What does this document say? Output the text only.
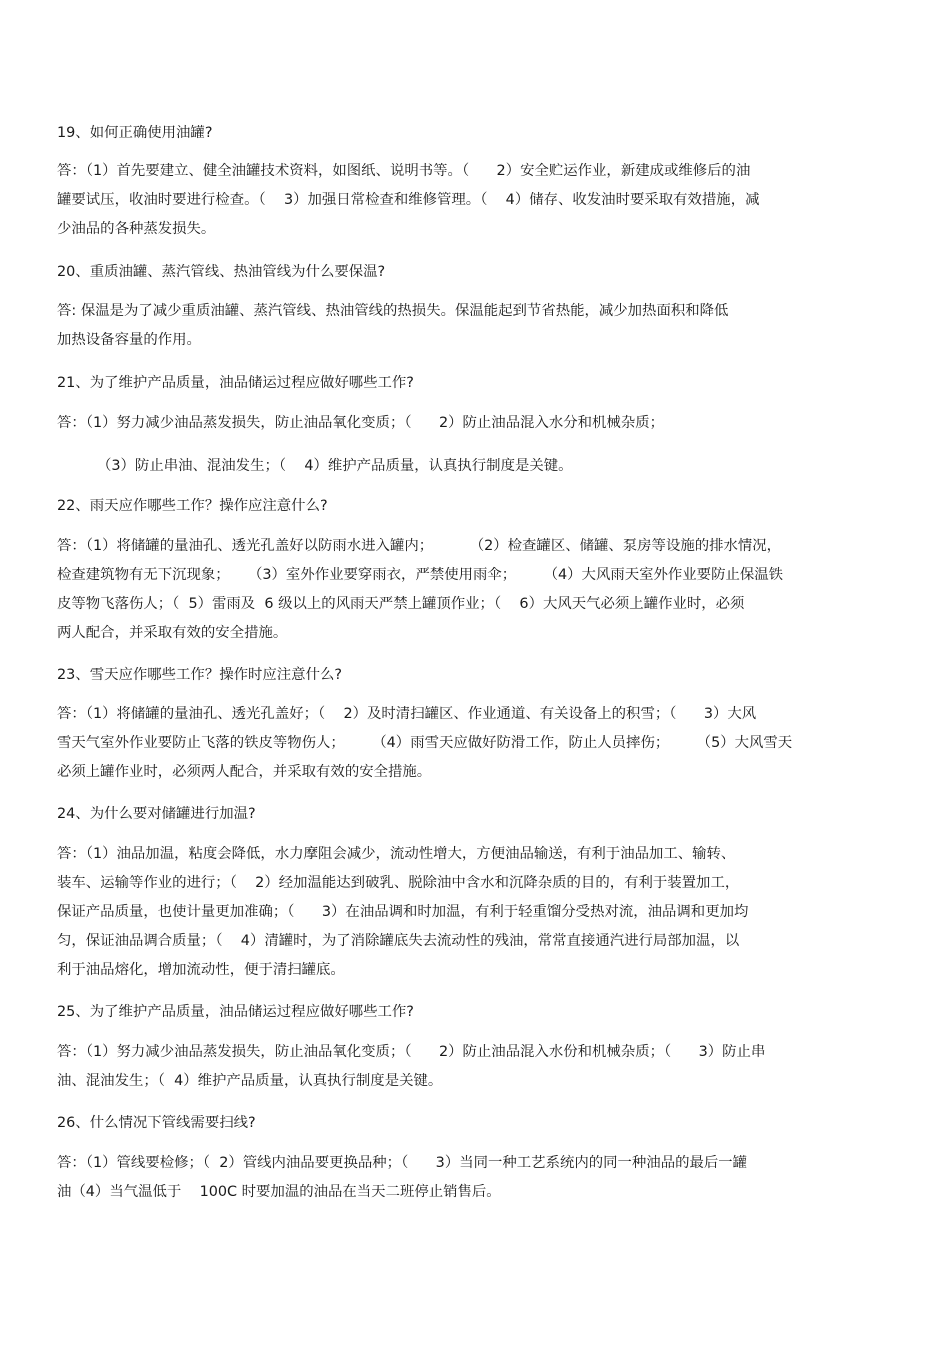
19、如何正确使用油罐?
答：（1）首先要建立、健全油罐技术资料，如图纸、说明书等。（      2）安全贮运作业，新建成或维修后的油
罐要试压，收油时要进行检查。（    3）加强日常检查和维修管理。（    4）储存、收发油时要采取有效措施，减
少油品的各种蒸发损失。
20、重质油罐、蒸汽管线、热油管线为什么要保温?
答: 保温是为了减少重质油罐、蒸汽管线、热油管线的热损失。保温能起到节省热能，减少加热面积和降低
加热设备容量的作用。
21、为了维护产品质量，油品储运过程应做好哪些工作?
答：（1）努力减少油品蒸发损失，防止油品氧化变质；（      2）防止油品混入水分和机械杂质；
（3）防止串油、混油发生；（    4）维护产品质量，认真执行制度是关键。
22、雨天应作哪些工作？操作应注意什么?
答：（1）将储罐的量油孔、透光孔盖好以防雨水进入罐内；        （2）检查罐区、储罐、泵房等设施的排水情况，
检查建筑物有无下沉现象；    （3）室外作业要穿雨衣，严禁使用雨伞；      （4）大风雨天室外作业要防止保温铁
皮等物飞落伤人；（  5）雷雨及  6 级以上的风雨天严禁上罐顶作业；（    6）大风天气必须上罐作业时，必须
两人配合，并采取有效的安全措施。
23、雪天应作哪些工作？操作时应注意什么?
答：（1）将储罐的量油孔、透光孔盖好；（    2）及时清扫罐区、作业通道、有关设备上的积雪；（      3）大风
雪天气室外作业要防止飞落的铁皮等物伤人；      （4）雨雪天应做好防滑工作，防止人员摔伤；      （5）大风雪天
必须上罐作业时，必须两人配合，并采取有效的安全措施。
24、为什么要对储罐进行加温?
答：（1）油品加温，粘度会降低，水力摩阻会减少，流动性增大，方便油品输送，有利于油品加工、输转、
装车、运输等作业的进行；（    2）经加温能达到破乳、脱除油中含水和沉降杂质的目的，有利于装置加工，
保证产品质量，也使计量更加准确；（      3）在油品调和时加温，有利于轻重馏分受热对流，油品调和更加均
匀，保证油品调合质量；（    4）清罐时，为了消除罐底失去流动性的残油，常常直接通汽进行局部加温，以
利于油品熔化，增加流动性，便于清扫罐底。
25、为了维护产品质量，油品储运过程应做好哪些工作?
答：（1）努力减少油品蒸发损失，防止油品氧化变质；（      2）防止油品混入水份和机械杂质；（      3）防止串
油、混油发生；（  4）维护产品质量，认真执行制度是关键。
26、什么情况下管线需要扫线?
答：（1）管线要检修；（  2）管线内油品要更换品种；（      3）当同一种工艺系统内的同一种油品的最后一罐
油（4）当气温低于    100C 时要加温的油品在当天二班停止销售后。
